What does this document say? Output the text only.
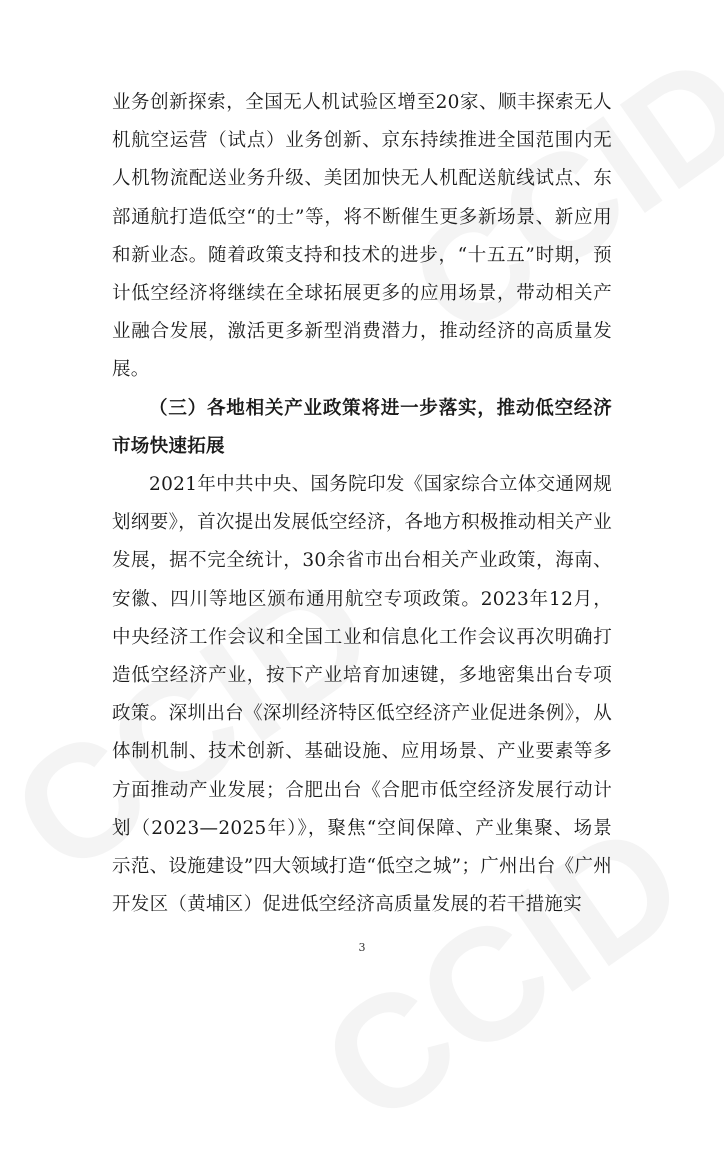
业务创新探索，全国无人机试验区增至20家、顺丰探索无人机航空运营（试点）业务创新、京东持续推进全国范围内无人机物流配送业务升级、美团加快无人机配送航线试点、东部通航打造低空“的士”等，将不断催生更多新场景、新应用和新业态。随着政策支持和技术的进步，“十五五”时期，预计低空经济将继续在全球拓展更多的应用场景，带动相关产业融合发展，激活更多新型消费潜力，推动经济的高质量发展。

（三）各地相关产业政策将进一步落实，推动低空经济市场快速拓展

2021年中共中央、国务院印发《国家综合立体交通网规划纲要》，首次提出发展低空经济，各地方积极推动相关产业发展，据不完全统计，30余省市出台相关产业政策，海南、安徽、四川等地区颁布通用航空专项政策。2023年12月，中央经济工作会议和全国工业和信息化工作会议再次明确打造低空经济产业，按下产业培育加速键，多地密集出台专项政策。深圳出台《深圳经济特区低空经济产业促进条例》，从体制机制、技术创新、基础设施、应用场景、产业要素等多方面推动产业发展；合肥出台《合肥市低空经济发展行动计划（2023—2025年）》，聚焦“空间保障、产业集聚、场景示范、设施建设”四大领域打造“低空之城”；广州出台《广州开发区（黄埔区）促进低空经济高质量发展的若干措施实

3
